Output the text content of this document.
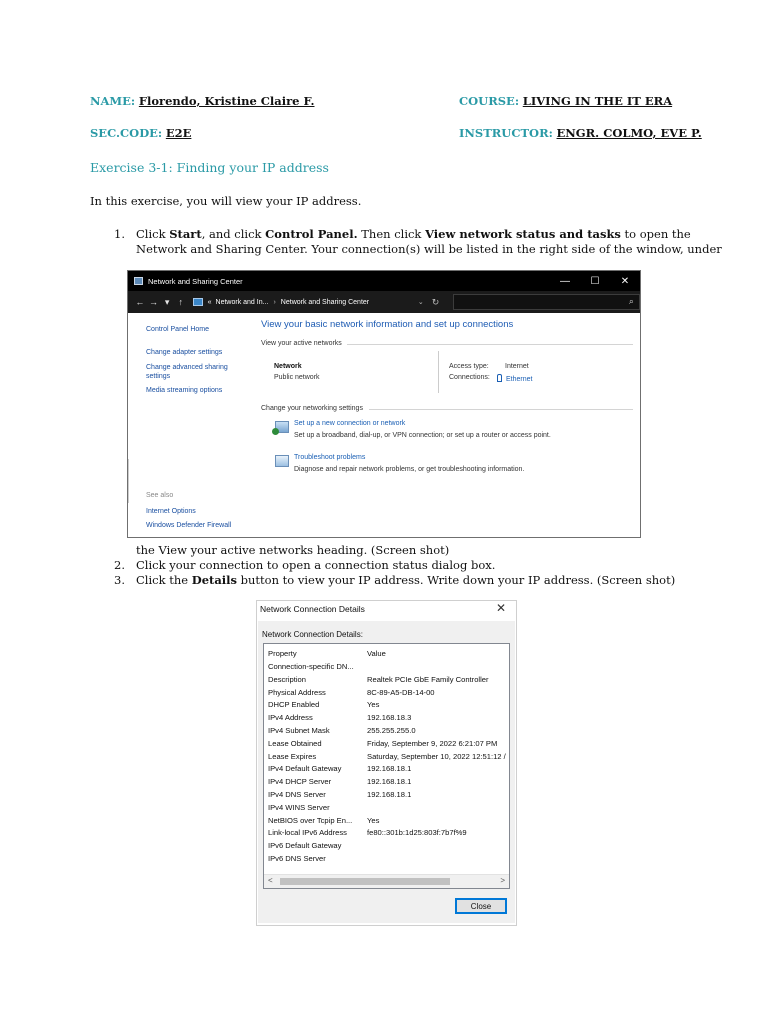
NAME: Florendo, Kristine Claire F.	COURSE: LIVING IN THE IT ERA
SEC.CODE: E2E	INSTRUCTOR: ENGR. COLMO, EVE P.
Exercise 3-1: Finding your IP address
In this exercise, you will view your IP address.
1. Click Start, and click Control Panel. Then click View network status and tasks to open the
Network and Sharing Center. Your connection(s) will be listed in the right side of the window, under
Network and Sharing Center	—	☐	✕
← → ▾	↑	« Network and In... › Network and Sharing Center	⌄ ↻	⌕
Control Panel Home
Change adapter settings
Change advanced sharing
settings
Media streaming options
See also
Internet Options
Windows Defender Firewall
View your basic network information and set up connections
View your active networks
Network
Public network
Access type: Internet
Connections:	Ethernet
Change your networking settings
Set up a new connection or network
Set up a broadband, dial-up, or VPN connection; or set up a router or access point.
Troubleshoot problems
Diagnose and repair network problems, or get troubleshooting information.
the View your active networks heading. (Screen shot)
2. Click your connection to open a connection status dialog box.
3. Click the Details button to view your IP address. Write down your IP address. (Screen shot)
Network Connection Details	✕
Network Connection Details:
Property	Value
Connection-specific DN...	
Description	Realtek PCIe GbE Family Controller
Physical Address	8C-89-A5-DB-14-00
DHCP Enabled	Yes
IPv4 Address	192.168.18.3
IPv4 Subnet Mask	255.255.255.0
Lease Obtained	Friday, September 9, 2022 6:21:07 PM
Lease Expires	Saturday, September 10, 2022 12:51:12 /
IPv4 Default Gateway	192.168.18.1
IPv4 DHCP Server	192.168.18.1
IPv4 DNS Server	192.168.18.1
IPv4 WINS Server	
NetBIOS over Tcpip En...	Yes
Link-local IPv6 Address	fe80::301b:1d25:803f:7b7f%9
IPv6 Default Gateway	
IPv6 DNS Server	
<	>
Close
